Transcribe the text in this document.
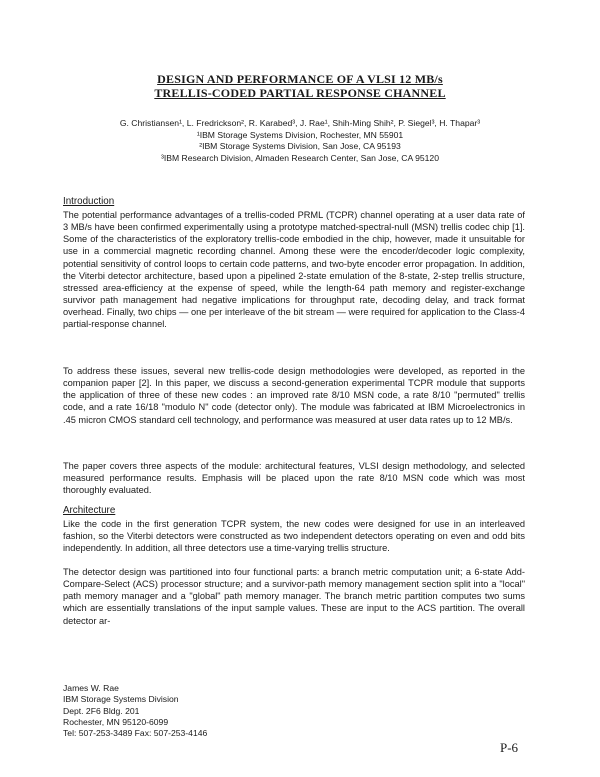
DESIGN AND PERFORMANCE OF A VLSI 12 MB/s
TRELLIS-CODED PARTIAL RESPONSE CHANNEL
G. Christiansen¹, L. Fredrickson², R. Karabed³, J. Rae¹, Shih-Ming Shih², P. Siegel³, H. Thapar³
¹IBM Storage Systems Division, Rochester, MN 55901
²IBM Storage Systems Division, San Jose, CA 95193
³IBM Research Division, Almaden Research Center, San Jose, CA 95120
Introduction
The potential performance advantages of a trellis-coded PRML (TCPR) channel operating at a user data rate of 3 MB/s have been confirmed experimentally using a prototype matched-spectral-null (MSN) trellis codec chip [1]. Some of the characteristics of the exploratory trellis-code embodied in the chip, however, made it unsuitable for use in a commercial magnetic recording channel. Among these were the encoder/decoder logic complexity, potential sensitivity of control loops to certain code patterns, and two-byte encoder error propagation. In addition, the Viterbi detector architecture, based upon a pipelined 2-state emulation of the 8-state, 2-step trellis structure, stressed area-efficiency at the expense of speed, while the length-64 path memory and register-exchange survivor path management had negative implications for throughput rate, decoding delay, and track format overhead. Finally, two chips — one per interleave of the bit stream — were required for application to the Class-4 partial-response channel.
To address these issues, several new trellis-code design methodologies were developed, as reported in the companion paper [2]. In this paper, we discuss a second-generation experimental TCPR module that supports the application of three of these new codes : an improved rate 8/10 MSN code, a rate 8/10 "permuted" trellis code, and a rate 16/18 "modulo N" code (detector only). The module was fabricated at IBM Microelectronics in .45 micron CMOS standard cell technology, and performance was measured at user data rates up to 12 MB/s.
The paper covers three aspects of the module: architectural features, VLSI design methodology, and selected measured performance results. Emphasis will be placed upon the rate 8/10 MSN code which was most thoroughly evaluated.
Architecture
Like the code in the first generation TCPR system, the new codes were designed for use in an interleaved fashion, so the Viterbi detectors were constructed as two independent detectors operating on even and odd bits independently. In addition, all three detectors use a time-varying trellis structure.
The detector design was partitioned into four functional parts: a branch metric computation unit; a 6-state Add-Compare-Select (ACS) processor structure; and a survivor-path memory management section split into a "local" path memory manager and a "global" path memory manager. The branch metric partition computes two sums which are essentially translations of the input sample values. These are input to the ACS partition. The overall detector ar-
James W. Rae
IBM Storage Systems Division
Dept. 2F6 Bldg. 201
Rochester, MN 95120-6099
Tel: 507-253-3489 Fax: 507-253-4146
P-6
